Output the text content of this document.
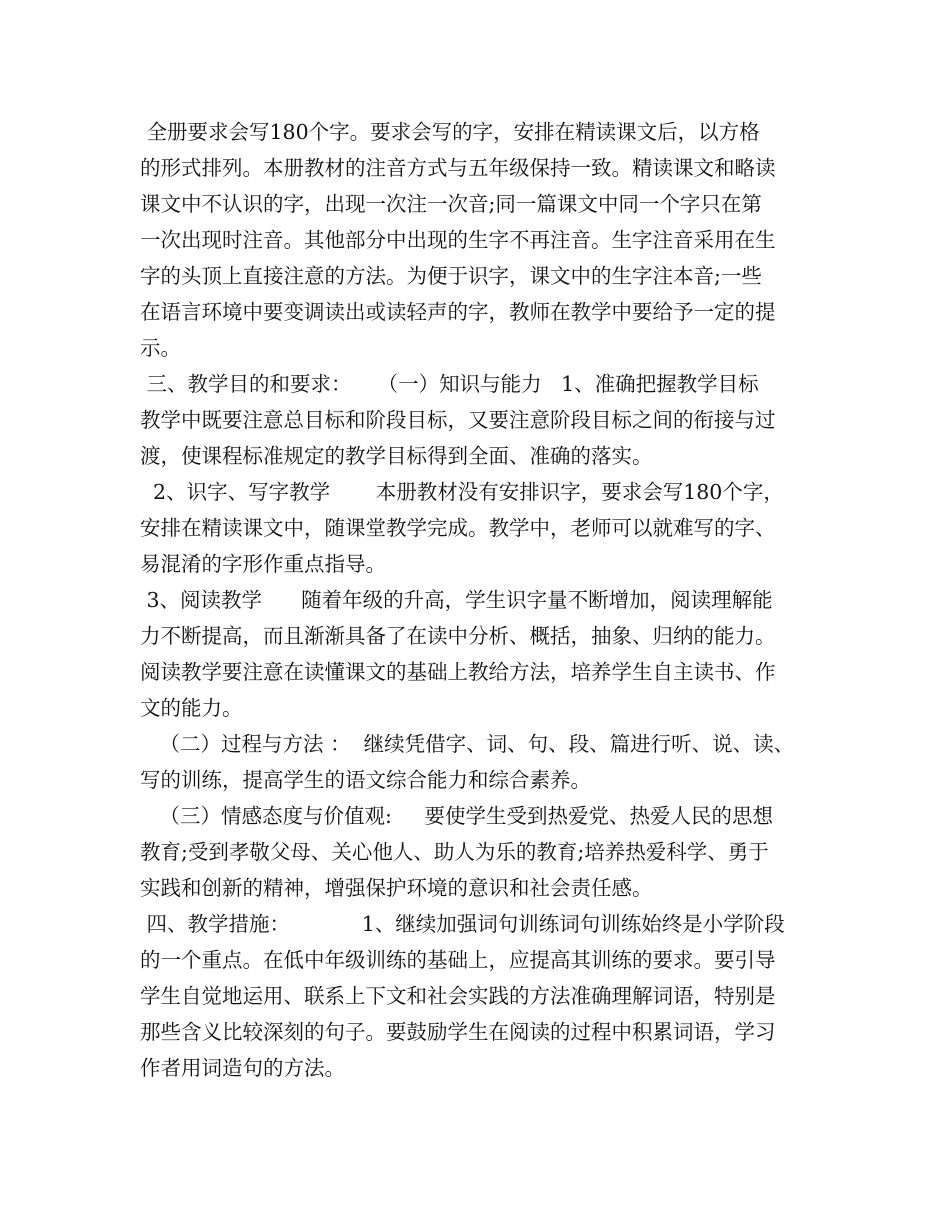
全册要求会写180个字。要求会写的字，安排在精读课文后，以方格
的形式排列。本册教材的注音方式与五年级保持一致。精读课文和略读
课文中不认识的字，出现一次注一次音;同一篇课文中同一个字只在第
一次出现时注音。其他部分中出现的生字不再注音。生字注音采用在生
字的头顶上直接注意的方法。为便于识字，课文中的生字注本音;一些
在语言环境中要变调读出或读轻声的字，教师在教学中要给予一定的提
示。
三、教学目的和要求：    （一）知识与能力   1、准确把握教学目标
教学中既要注意总目标和阶段目标，又要注意阶段目标之间的衔接与过
渡，使课程标准规定的教学目标得到全面、准确的落实。
2、识字、写字教学       本册教材没有安排识字，要求会写180个字，
安排在精读课文中，随课堂教学完成。教学中，老师可以就难写的字、
易混淆的字形作重点指导。
3、阅读教学      随着年级的升高，学生识字量不断增加，阅读理解能
力不断提高，而且渐渐具备了在读中分析、概括，抽象、归纳的能力。
阅读教学要注意在读懂课文的基础上教给方法，培养学生自主读书、作
文的能力。
（二）过程与方法 ：  继续凭借字、词、句、段、篇进行听、说、读、
写的训练，提高学生的语文综合能力和综合素养。
（三）情感态度与价值观:     要使学生受到热爱党、热爱人民的思想
教育;受到孝敬父母、关心他人、助人为乐的教育;培养热爱科学、勇于
实践和创新的精神，增强保护环境的意识和社会责任感。
四、教学措施：           1、继续加强词句训练词句训练始终是小学阶段
的一个重点。在低中年级训练的基础上，应提高其训练的要求。要引导
学生自觉地运用、联系上下文和社会实践的方法准确理解词语，特别是
那些含义比较深刻的句子。要鼓励学生在阅读的过程中积累词语，学习
作者用词造句的方法。
